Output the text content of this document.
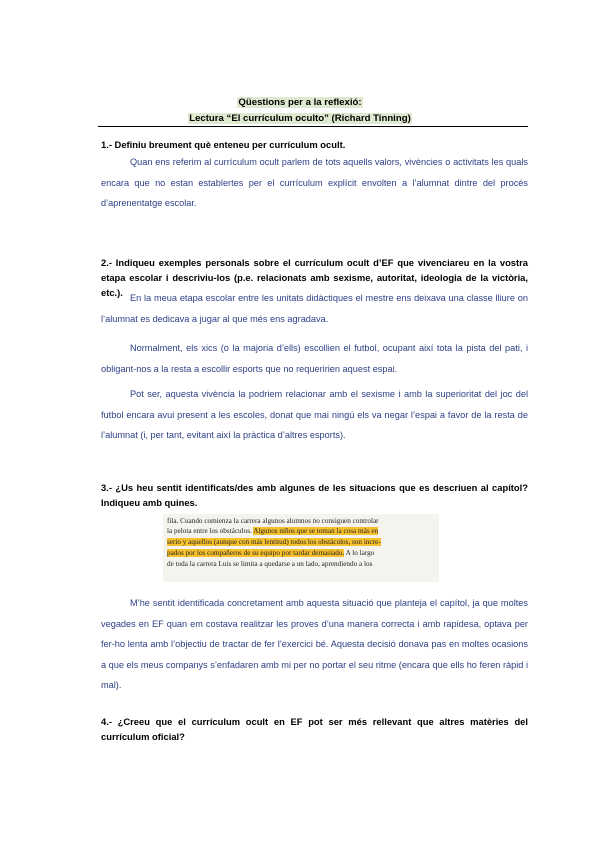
Qüestions per a la reflexió:
Lectura “El currículum oculto” (Richard Tinning)
1.- Definiu breument què enteneu per currículum ocult.
Quan ens referim al currículum ocult parlem de tots aquells valors, vivències o activitats les quals encara que no estan establertes per el currículum explícit envolten a l’alumnat dintre del procés d’aprenentatge escolar.
2.- Indiqueu exemples personals sobre el currículum ocult d’EF que vivenciareu en la vostra etapa escolar i descriviu-los (p.e. relacionats amb sexisme, autoritat, ideologia de la victòria, etc.). En la meua etapa escolar entre les unitats didàctiques el mestre ens deixava una classe lliure on l’alumnat es dedicava a jugar al que més ens agradava.
Normalment, els xics (o la majoria d’ells) escollien el futbol, ocupant així tota la pista del pati, i obligant-nos a la resta a escollir esports que no requeririen aquest espai.
Pot ser, aquesta vivència la podriem relacionar amb el sexisme i amb la superioritat del joc del futbol encara avui present a les escoles, donat que mai ningú els va negar l’espai a favor de la resta de l’alumnat (i, per tant, evitant així la pràctica d’altres esports).
3.- ¿Us heu sentit identificats/des amb algunes de les situacions que es descriuen al capítol? Indiqueu amb quines.
fila. Cuando comienza la carrera algunos alumnos no consiguen controlar
la pelota entre los obstáculos. Algunos niños que se toman la cosa más en
serio y aquellos (aunque con más lentitud) todos los obstáculos, son incre-
pados por los compañeros de su equipo por tardar demasiado. A lo largo
de toda la carrera Luis se limita a quedarse a un lado, aprendiendo a los
M’he sentit identificada concretament amb aquesta situació que planteja el capítol, ja que moltes vegades en EF quan em costava realitzar les proves d’una manera correcta i amb rapidesa, optava per fer-ho lenta amb l’objectiu de tractar de fer l’exercici bé. Aquesta decisió donava pas en moltes ocasions a que els meus companys s’enfadaren amb mi per no portar el seu ritme (encara que ells ho feren ràpid i mal).
4.- ¿Creeu que el currículum ocult en EF pot ser més rellevant que altres matèries del currículum oficial?
